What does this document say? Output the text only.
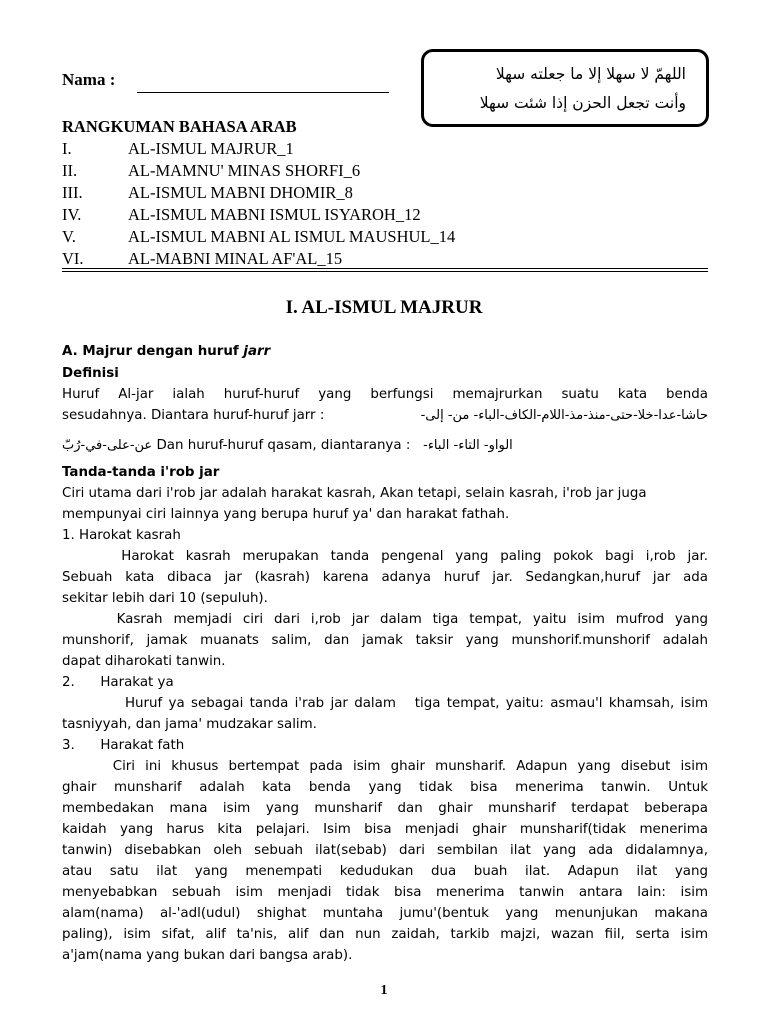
Nama :	اللهمّ لا سهلا إلا ما جعلته سهلا
وأنت تجعل الحزن إذا شئت سهلا
RANGKUMAN BAHASA ARAB
I.	AL-ISMUL MAJRUR_1
II.	AL-MAMNU' MINAS SHORFI_6
III.	AL-ISMUL MABNI DHOMIR_8
IV.	AL-ISMUL MABNI ISMUL ISYAROH_12
V.	AL-ISMUL MABNI AL ISMUL MAUSHUL_14
VI.	AL-MABNI MINAL AF'AL_15
I. AL-ISMUL MAJRUR
A. Majrur dengan huruf jarr
Definisi
Huruf Al-jar ialah huruf-huruf yang berfungsi memajrurkan suatu kata benda
sesudahnya. Diantara huruf-huruf jarr :	حاشا-عدا-خلا-حتى-منذ-مذ-اللام-الكاف-الباء- من- إلى-
عن-على-في-رُبّ Dan huruf-huruf qasam, diantaranya : الواو- التاء- الباء-
Tanda-tanda i'rob jar
Ciri utama dari i'rob jar adalah harakat kasrah, Akan tetapi, selain kasrah, i'rob jar juga
mempunyai ciri lainnya yang berupa huruf ya' dan harakat fathah.
1. Harokat kasrah
Harokat  kasrah  merupakan  tanda  pengenal  yang  paling  pokok  bagi  i,rob  jar.
Sebuah kata dibaca jar (kasrah) karena adanya huruf jar. Sedangkan,huruf jar ada
sekitar lebih dari 10 (sepuluh).
Kasrah  memjadi  ciri  dari  i,rob  jar  dalam  tiga  tempat,  yaitu  isim  mufrod  yang
munshorif, jamak muanats salim, dan jamak taksir yang munshorif.munshorif adalah
dapat diharokati tanwin.
2.      Harakat ya
Huruf ya sebagai tanda i'rab jar dalam   tiga tempat, yaitu: asmau'l khamsah, isim
tasniyyah, dan jama' mudzakar salim.
3.      Harakat fath
Ciri  ini  khusus  bertempat  pada  isim  ghair  munsharif.  Adapun  yang  disebut  isim
ghair munsharif adalah kata benda yang tidak bisa menerima tanwin. Untuk
membedakan mana isim yang munsharif dan ghair munsharif terdapat beberapa
kaidah yang harus kita pelajari. Isim bisa menjadi ghair munsharif(tidak menerima
tanwin) disebabkan oleh sebuah ilat(sebab) dari sembilan ilat yang ada didalamnya,
atau satu ilat yang menempati kedudukan dua buah ilat. Adapun ilat yang
menyebabkan sebuah isim menjadi tidak bisa menerima tanwin antara lain: isim
alam(nama) al-'adl(udul) shighat muntaha jumu'(bentuk yang menunjukan makana
paling), isim sifat, alif ta'nis, alif dan nun zaidah, tarkib majzi, wazan fiil, serta isim
a'jam(nama yang bukan dari bangsa arab).
1
